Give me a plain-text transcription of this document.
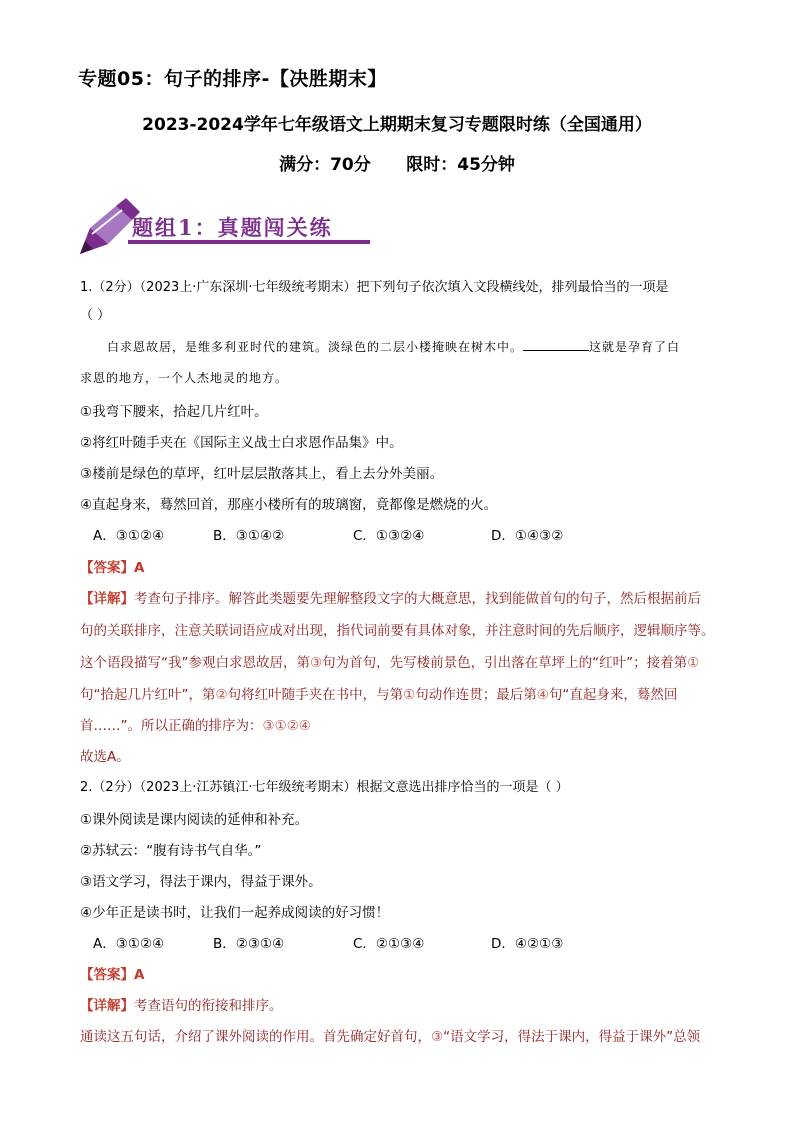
专题05：句子的排序-【决胜期末】
2023-2024学年七年级语文上期期末复习专题限时练（全国通用）
满分：70分      限时：45分钟
题组1：真题闯关练
1.（2分）（2023上·广东深圳·七年级统考期末）把下列句子依次填入文段横线处，排列最恰当的一项是
（ ）
白求恩故居，是维多利亚时代的建筑。淡绿色的二层小楼掩映在树木中。	这就是孕育了白
求恩的地方，一个人杰地灵的地方。
①我弯下腰来，拾起几片红叶。
②将红叶随手夹在《国际主义战士白求恩作品集》中。
③楼前是绿色的草坪，红叶层层散落其上，看上去分外美丽。
④直起身来，蓦然回首，那座小楼所有的玻璃窗，竟都像是燃烧的火。
A．③①②④	B．③①④②	C．①③②④	D．①④③②
【答案】A
【详解】考查句子排序。解答此类题要先理解整段文字的大概意思，找到能做首句的句子，然后根据前后
句的关联排序，注意关联词语应成对出现，指代词前要有具体对象，并注意时间的先后顺序，逻辑顺序等。
这个语段描写“我”参观白求恩故居，第③句为首句，先写楼前景色，引出落在草坪上的“红叶”；接着第①
句“拾起几片红叶”，第②句将红叶随手夹在书中，与第①句动作连贯；最后第④句“直起身来，蓦然回
首……”。所以正确的排序为：③①②④
故选A。
2.（2分）（2023上·江苏镇江·七年级统考期末）根据文意选出排序恰当的一项是（ ）
①课外阅读是课内阅读的延伸和补充。
②苏轼云：“腹有诗书气自华。”
③语文学习，得法于课内，得益于课外。
④少年正是读书时，让我们一起养成阅读的好习惯！
A．③①②④	B．②③①④	C．②①③④	D．④②①③
【答案】A
【详解】考查语句的衔接和排序。
通读这五句话，介绍了课外阅读的作用。首先确定好首句，③“语文学习，得法于课内，得益于课外”总领
